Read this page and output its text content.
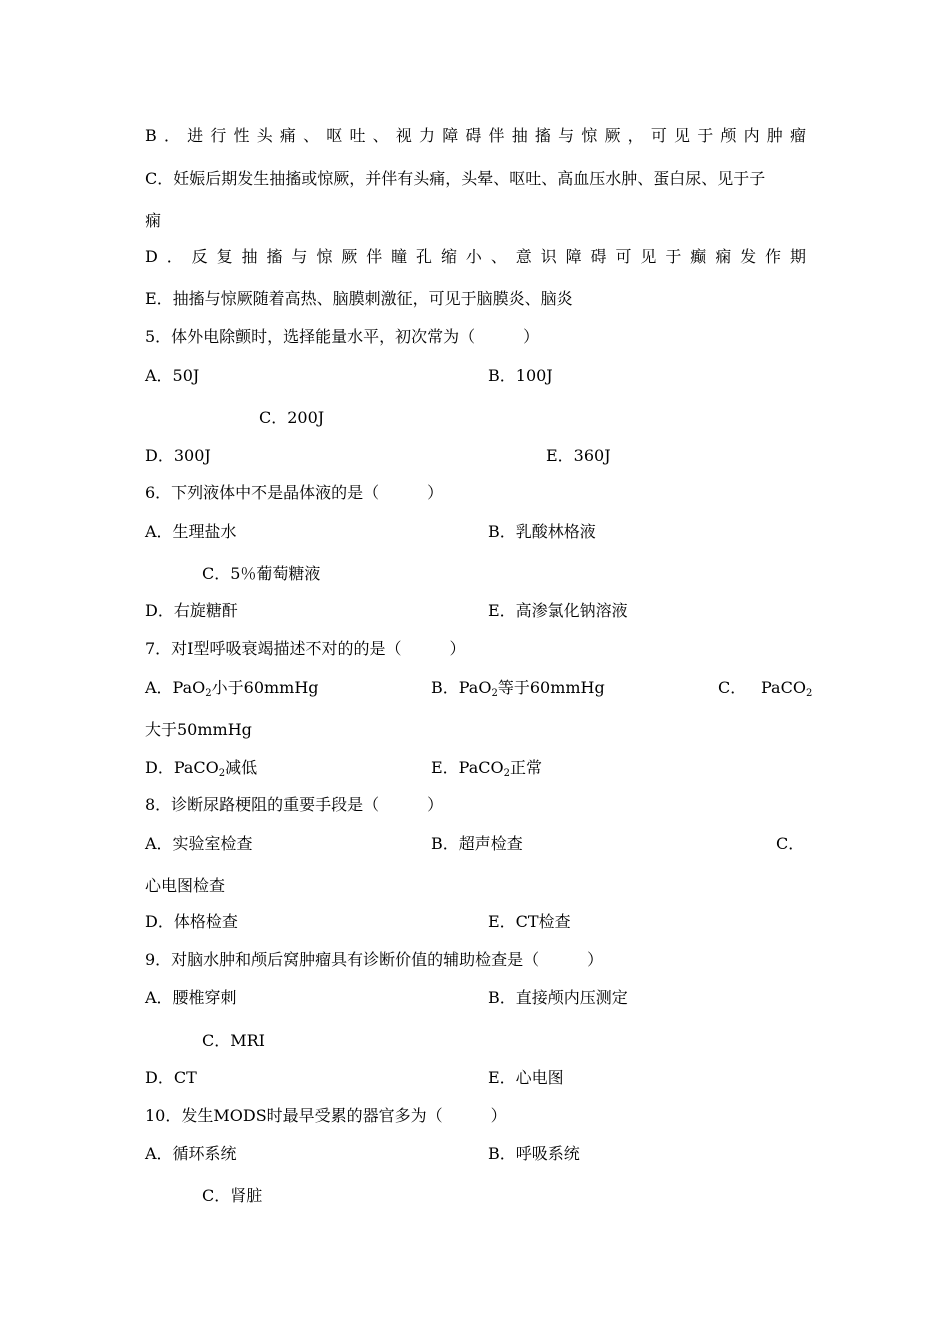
B．进行性头痛、呕吐、视力障碍伴抽搐与惊厥，可见于颅内肿瘤
C．妊娠后期发生抽搐或惊厥，并伴有头痛，头晕、呕吐、高血压水肿、蛋白尿、见于子
痫
D．反复抽搐与惊厥伴瞳孔缩小、意识障碍可见于癫痫发作期
E．抽搐与惊厥随着高热、脑膜刺激征，可见于脑膜炎、脑炎
5．体外电除颤时，选择能量水平，初次常为（　　　）
A．50J	B．100J
C．200J
D．300J	E．360J
6．下列液体中不是晶体液的是（　　　）
A．生理盐水	B．乳酸林格液
C．5％葡萄糖液
D．右旋糖酐	E．高渗氯化钠溶液
7．对Ⅰ型呼吸衰竭描述不对的的是（　　　）
A．PaO$_2$小于60mmHg	B．PaO$_2$等于60mmHg	C． PaCO$_2$
大于50mmHg
D．PaCO$_2$减低	E．PaCO$_2$正常
8．诊断尿路梗阻的重要手段是（　　　）
A．实验室检查	B．超声检查	C．
心电图检查
D．体格检查	E．CT检查
9．对脑水肿和颅后窝肿瘤具有诊断价值的辅助检查是（　　　）
A．腰椎穿刺	B．直接颅内压测定
C．MRI
D．CT	E．心电图
10．发生MODS时最早受累的器官多为（　　　）
A．循环系统	B．呼吸系统
C．肾脏
